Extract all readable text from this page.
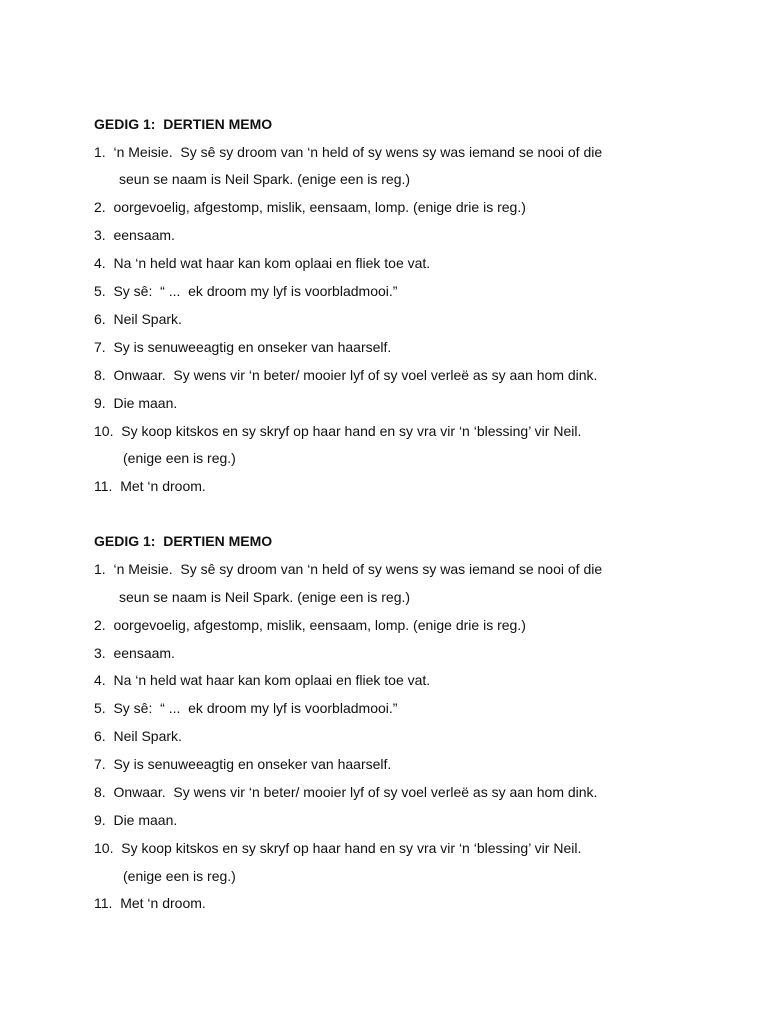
GEDIG 1:  DERTIEN MEMO
1.  ‘n Meisie.  Sy sê sy droom van ‘n held of sy wens sy was iemand se nooi of die
seun se naam is Neil Spark. (enige een is reg.)
2.  oorgevoelig, afgestomp, mislik, eensaam, lomp. (enige drie is reg.)
3.  eensaam.
4.  Na ‘n held wat haar kan kom oplaai en fliek toe vat.
5.  Sy sê:  “ ...  ek droom my lyf is voorbladmooi.”
6.  Neil Spark.
7.  Sy is senuweeagtig en onseker van haarself.
8.  Onwaar.  Sy wens vir ‘n beter/ mooier lyf of sy voel verleë as sy aan hom dink.
9.  Die maan.
10.  Sy koop kitskos en sy skryf op haar hand en sy vra vir ‘n ‘blessing’ vir Neil.
(enige een is reg.)
11.  Met ‘n droom.
GEDIG 1:  DERTIEN MEMO
1.  ‘n Meisie.  Sy sê sy droom van ‘n held of sy wens sy was iemand se nooi of die
seun se naam is Neil Spark. (enige een is reg.)
2.  oorgevoelig, afgestomp, mislik, eensaam, lomp. (enige drie is reg.)
3.  eensaam.
4.  Na ‘n held wat haar kan kom oplaai en fliek toe vat.
5.  Sy sê:  “ ...  ek droom my lyf is voorbladmooi.”
6.  Neil Spark.
7.  Sy is senuweeagtig en onseker van haarself.
8.  Onwaar.  Sy wens vir ‘n beter/ mooier lyf of sy voel verleë as sy aan hom dink.
9.  Die maan.
10.  Sy koop kitskos en sy skryf op haar hand en sy vra vir ‘n ‘blessing’ vir Neil.
(enige een is reg.)
11.  Met ‘n droom.
